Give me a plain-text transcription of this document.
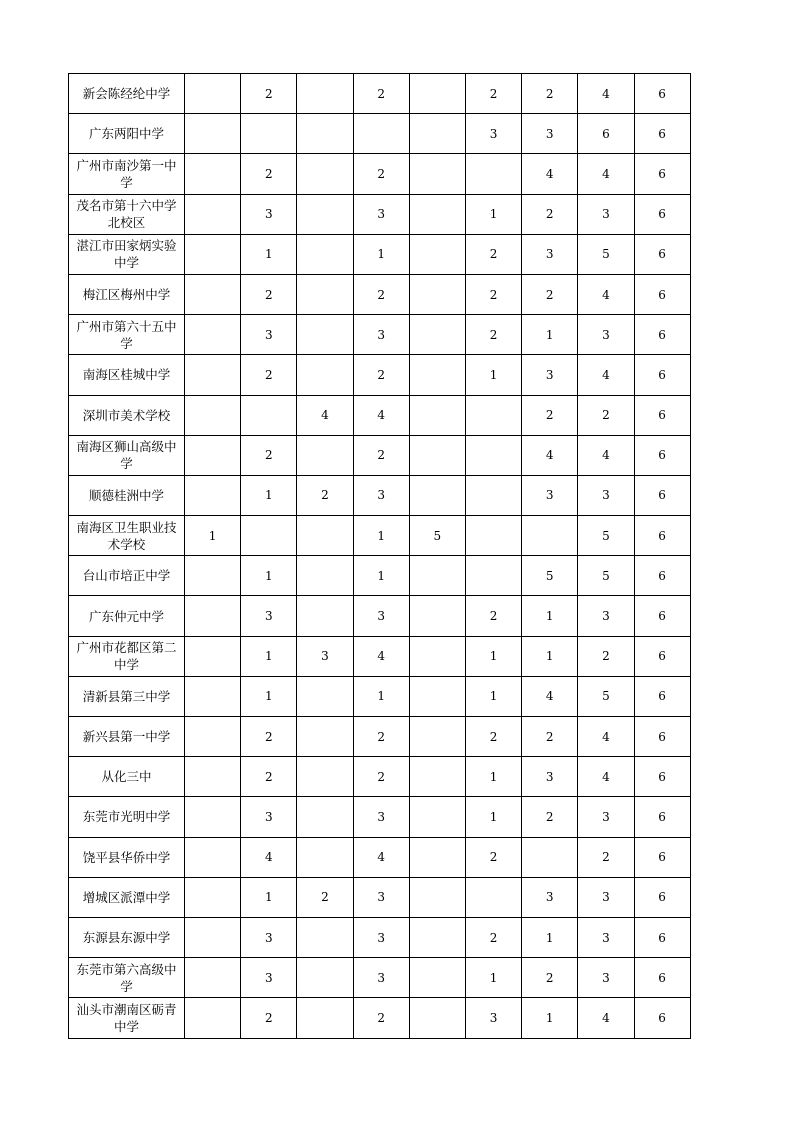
新会陈经纶中学		2		2		2	2	4	6
广东两阳中学						3	3	6	6
广州市南沙第一中学		2		2			4	4	6
茂名市第十六中学北校区		3		3		1	2	3	6
湛江市田家炳实验中学		1		1		2	3	5	6
梅江区梅州中学		2		2		2	2	4	6
广州市第六十五中学		3		3		2	1	3	6
南海区桂城中学		2		2		1	3	4	6
深圳市美术学校			4	4			2	2	6
南海区狮山高级中学		2		2			4	4	6
顺德桂洲中学		1	2	3			3	3	6
南海区卫生职业技术学校	1			1	5			5	6
台山市培正中学		1		1			5	5	6
广东仲元中学		3		3		2	1	3	6
广州市花都区第二中学		1	3	4		1	1	2	6
清新县第三中学		1		1		1	4	5	6
新兴县第一中学		2		2		2	2	4	6
从化三中		2		2		1	3	4	6
东莞市光明中学		3		3		1	2	3	6
饶平县华侨中学		4		4		2		2	6
增城区派潭中学		1	2	3			3	3	6
东源县东源中学		3		3		2	1	3	6
东莞市第六高级中学		3		3		1	2	3	6
汕头市潮南区砺青中学		2		2		3	1	4	6
